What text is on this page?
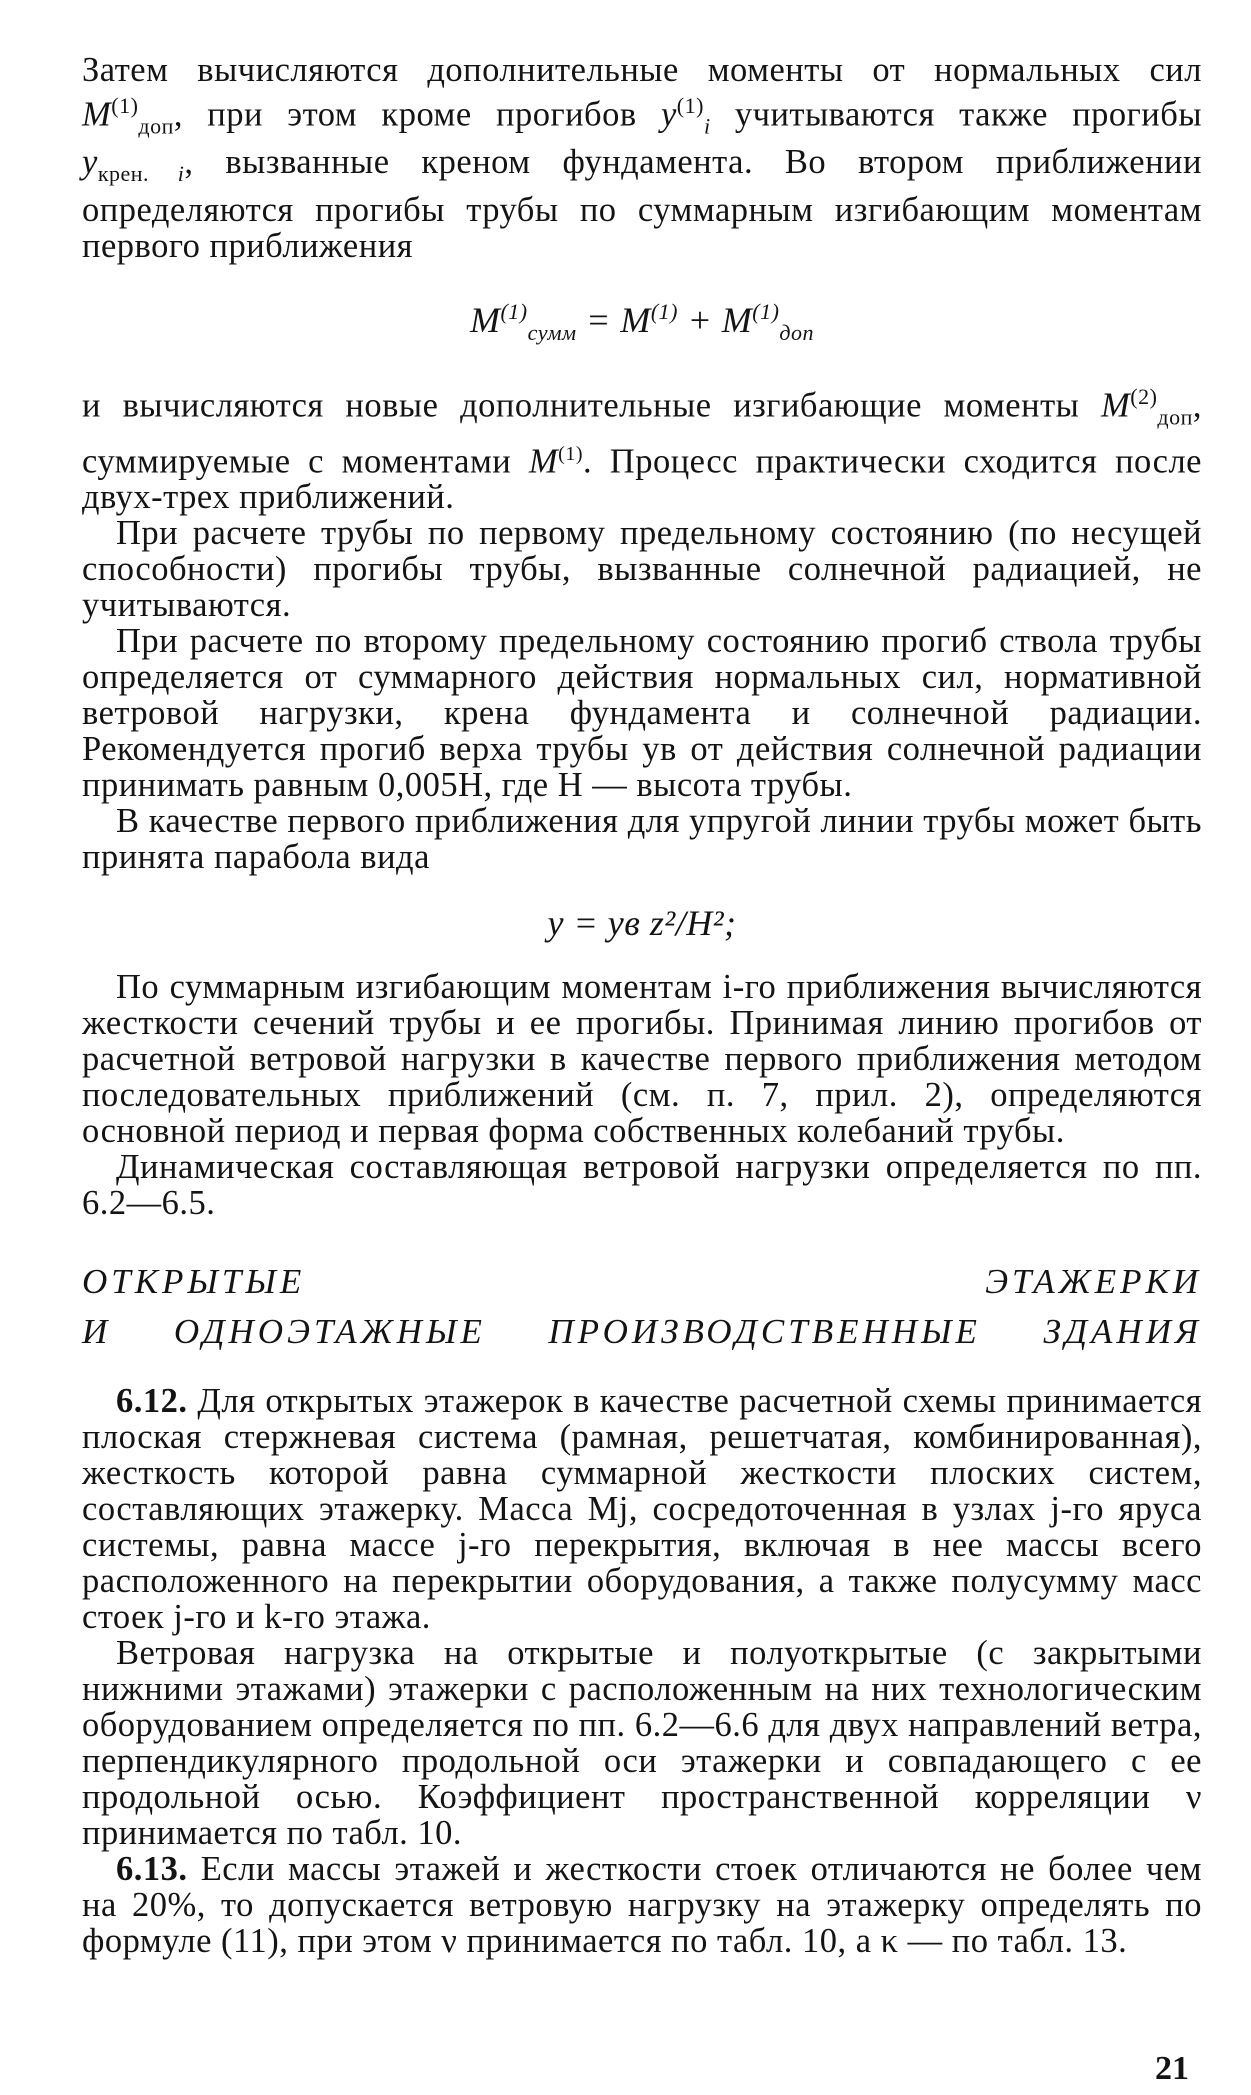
Затем вычисляются дополнительные моменты от нормальных сил

$M^{(1)}_{доп}$, при этом кроме прогибов $y^{(1)}_i$ учитываются также прогибы

$y_{крен. i}$, вызванные креном фундамента. Во втором приближении

определяются прогибы трубы по суммарным изгибающим моментам

первого приближения

$M^{(1)}_{сумм} = M^{(1)} + M^{(1)}_{доп}$

и вычисляются новые дополнительные изгибающие моменты $M^{(2)}_{доп}$,

суммируемые с моментами $M^{(1)}$. Процесс практически сходится после

двух-трех приближений.

При расчете трубы по первому предельному состоянию (по несущей способности) прогибы трубы, вызванные солнечной радиацией, не учитываются.

При расчете по второму предельному состоянию прогиб ствола трубы определяется от суммарного действия нормальных сил, нормативной ветровой нагрузки, крена фундамента и солнечной радиации. Рекомендуется прогиб верха трубы yв от действия солнечной радиации принимать равным 0,005H, где H — высота трубы.

В качестве первого приближения для упругой линии трубы может быть принята парабола вида

y = yв z²/H²;

По суммарным изгибающим моментам i-го приближения вычисляются жесткости сечений трубы и ее прогибы. Принимая линию прогибов от расчетной ветровой нагрузки в качестве первого приближения методом последовательных приближений (см. п. 7, прил. 2), определяются основной период и первая форма собственных колебаний трубы.

Динамическая составляющая ветровой нагрузки определяется по пп. 6.2—6.5.

ОТКРЫТЫЕ ЭТАЖЕРКИ

И ОДНОЭТАЖНЫЕ ПРОИЗВОДСТВЕННЫЕ ЗДАНИЯ

6.12. Для открытых этажерок в качестве расчетной схемы принимается плоская стержневая система (рамная, решетчатая, комбинированная), жесткость которой равна суммарной жесткости плоских систем, составляющих этажерку. Масса Mj, сосредоточенная в узлах j-го яруса системы, равна массе j-го перекрытия, включая в нее массы всего расположенного на перекрытии оборудования, а также полусумму масс стоек j-го и k-го этажа.

Ветровая нагрузка на открытые и полуоткрытые (с закрытыми нижними этажами) этажерки с расположенным на них технологическим оборудованием определяется по пп. 6.2—6.6 для двух направлений ветра, перпендикулярного продольной оси этажерки и совпадающего с ее продольной осью. Коэффициент пространственной корреляции ν принимается по табл. 10.

6.13. Если массы этажей и жесткости стоек отличаются не более чем на 20%, то допускается ветровую нагрузку на этажерку определять по формуле (11), при этом ν принимается по табл. 10, а κ — по табл. 13.

21
